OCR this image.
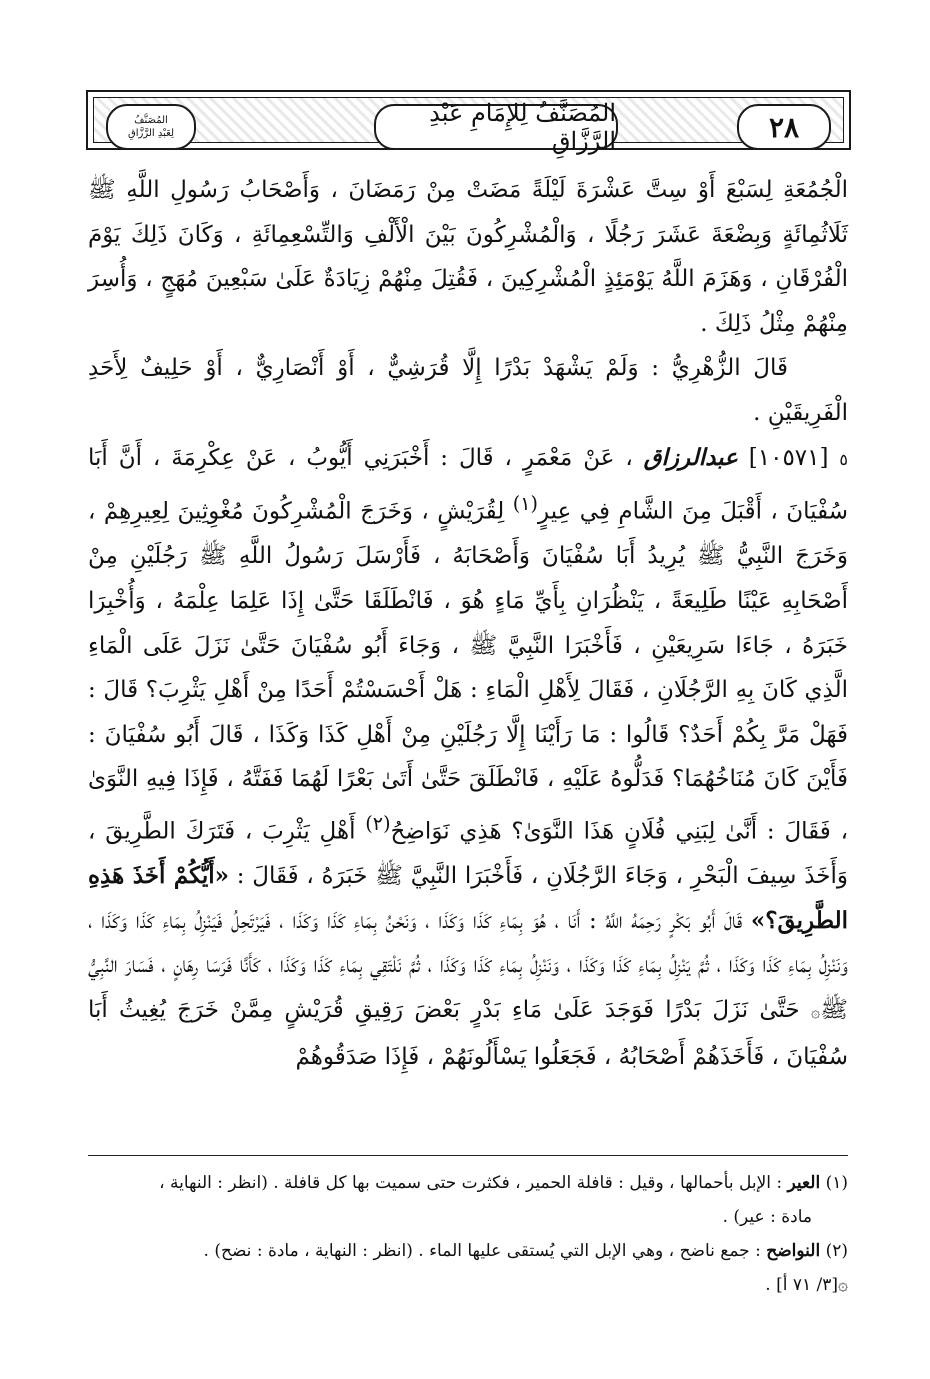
المُصَنَّفُ
لِعَبْدِ الرَّزَّاقِ
المُصَنَّفُ لِلإِمَامِ عَبْدِ الرَّزَّاقِ	٢٨

الْجُمُعَةِ لِسَبْعَ أَوْ سِتَّ عَشْرَةَ لَيْلَةً مَضَتْ مِنْ رَمَضَانَ ، وَأَصْحَابُ رَسُولِ اللَّهِ ﷺ ثَلَاثُمِائَةٍ وَبِضْعَةَ عَشَرَ رَجُلًا ، وَالْمُشْرِكُونَ بَيْنَ الْأَلْفِ وَالتِّسْعِمِائَةِ ، وَكَانَ ذَلِكَ يَوْمَ الْفُرْقَانِ ، وَهَزَمَ اللَّهُ يَوْمَئِذٍ الْمُشْرِكِينَ ، فَقُتِلَ مِنْهُمْ زِيَادَةٌ عَلَىٰ سَبْعِينَ مُهَجٍ ، وَأُسِرَ مِنْهُمْ مِثْلُ ذَلِكَ .

قَالَ الزُّهْرِيُّ : وَلَمْ يَشْهَدْ بَدْرًا إِلَّا قُرَشِيٌّ ، أَوْ أَنْصَارِيٌّ ، أَوْ حَلِيفٌ لِأَحَدِ الْفَرِيقَيْنِ .

٥ [١٠٥٧١] عبدالرزاق ، عَنْ مَعْمَرٍ ، قَالَ : أَخْبَرَنِي أَيُّوبُ ، عَنْ عِكْرِمَةَ ، أَنَّ أَبَا سُفْيَانَ ، أَقْبَلَ مِنَ الشَّامِ فِي عِيرٍ$^{(١)}$ لِقُرَيْشٍ ، وَخَرَجَ الْمُشْرِكُونَ مُغْوِثِينَ لِعِيرِهِمْ ، وَخَرَجَ النَّبِيُّ ﷺ يُرِيدُ أَبَا سُفْيَانَ وَأَصْحَابَهُ ، فَأَرْسَلَ رَسُولُ اللَّهِ ﷺ رَجُلَيْنِ مِنْ أَصْحَابِهِ عَيْنًا طَلِيعَةً ، يَنْظُرَانِ بِأَيِّ مَاءٍ هُوَ ، فَانْطَلَقَا حَتَّىٰ إِذَا عَلِمَا عِلْمَهُ ، وَأُخْبِرَا خَبَرَهُ ، جَاءَا سَرِيعَيْنِ ، فَأَخْبَرَا النَّبِيَّ ﷺ ، وَجَاءَ أَبُو سُفْيَانَ حَتَّىٰ نَزَلَ عَلَى الْمَاءِ الَّذِي كَانَ بِهِ الرَّجُلَانِ ، فَقَالَ لِأَهْلِ الْمَاءِ : هَلْ أَحْسَسْتُمْ أَحَدًا مِنْ أَهْلِ يَثْرِبَ؟ قَالَ : فَهَلْ مَرَّ بِكُمْ أَحَدٌ؟ قَالُوا : مَا رَأَيْنَا إِلَّا رَجُلَيْنِ مِنْ أَهْلِ كَذَا وَكَذَا ، قَالَ أَبُو سُفْيَانَ : فَأَيْنَ كَانَ مُنَاخُهُمَا؟ فَدَلُّوهُ عَلَيْهِ ، فَانْطَلَقَ حَتَّىٰ أَتَىٰ بَعْرًا لَهُمَا فَفَتَّهُ ، فَإِذَا فِيهِ النَّوَىٰ ، فَقَالَ : أَنَّىٰ لِبَنِي فُلَانٍ هَذَا النَّوَىٰ؟ هَذِي نَوَاضِحُ$^{(٢)}$ أَهْلِ يَثْرِبَ ، فَتَرَكَ الطَّرِيقَ ، وَأَخَذَ سِيفَ الْبَحْرِ ، وَجَاءَ الرَّجُلَانِ ، فَأَخْبَرَا النَّبِيَّ ﷺ خَبَرَهُ ، فَقَالَ : «أَيُّكُمْ أَخَذَ هَذِهِ الطَّرِيقَ؟» قَالَ أَبُو بَكْرٍ رَحِمَهُ اللَّهُ : أَنَا ، هُوَ بِمَاءِ كَذَا وَكَذَا ، وَنَحْنُ بِمَاءِ كَذَا وَكَذَا ، فَيَرْتَحِلُ فَيَنْزِلُ بِمَاءِ كَذَا وَكَذَا ، وَنَنْزِلُ بِمَاءِ كَذَا وَكَذَا ، ثُمَّ يَنْزِلُ بِمَاءِ كَذَا وَكَذَا ، وَنَنْزِلُ بِمَاءِ كَذَا وَكَذَا ، ثُمَّ نَلْتَقِي بِمَاءِ كَذَا وَكَذَا ، كَأَنَّا فَرَسَا رِهَانٍ ، فَسَارَ النَّبِيُّ ﷺ۞ حَتَّىٰ نَزَلَ بَدْرًا فَوَجَدَ عَلَىٰ مَاءِ بَدْرٍ بَعْضَ رَقِيقِ قُرَيْشٍ مِمَّنْ خَرَجَ يُغِيثُ أَبَا سُفْيَانَ ، فَأَخَذَهُمْ أَصْحَابُهُ ، فَجَعَلُوا يَسْأَلُونَهُمْ ، فَإِذَا صَدَقُوهُمْ

(١) العير : الإبل بأحمالها ، وقيل : قافلة الحمير ، فكثرت حتى سميت بها كل قافلة . (انظر : النهاية ،

مادة : عير) .

(٢) النواضح : جمع ناضح ، وهي الإبل التي يُستقى عليها الماء . (انظر : النهاية ، مادة : نضح) .

۞[٣/ ٧١ أ] .
